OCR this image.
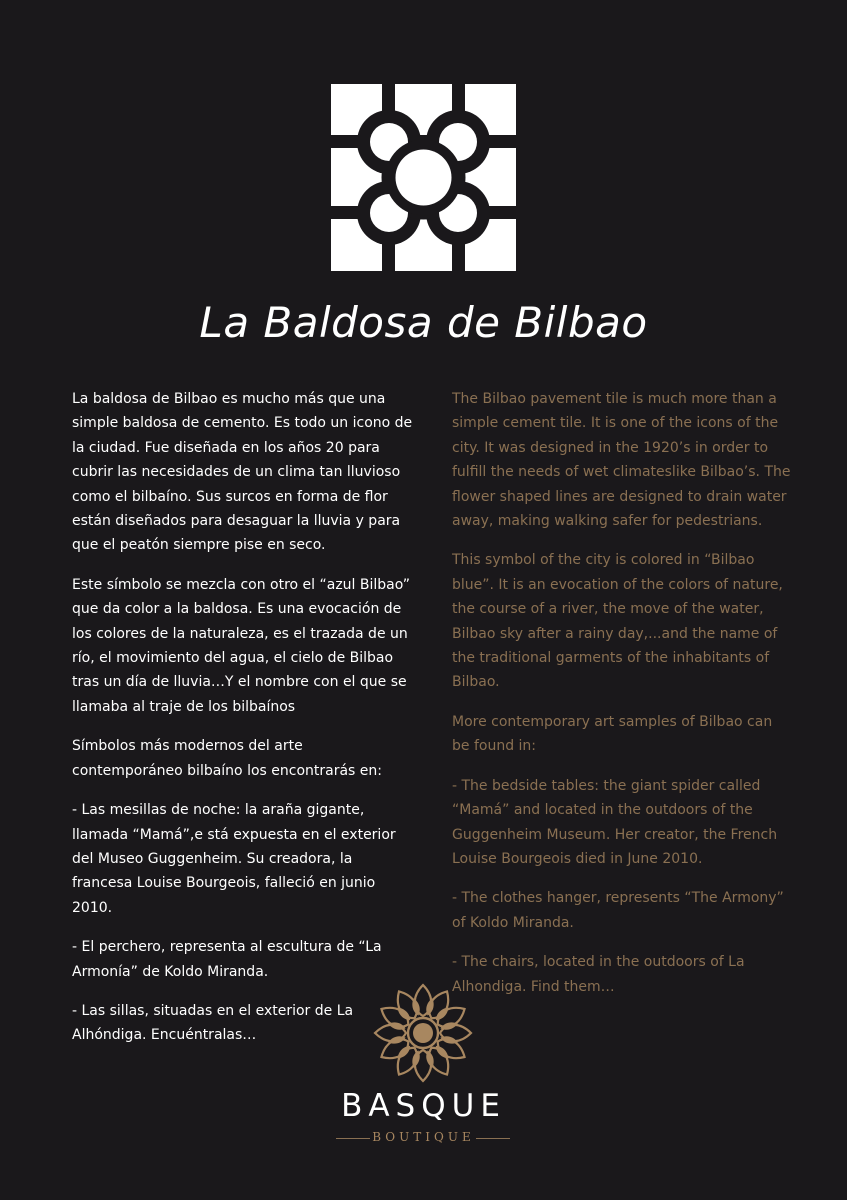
La Baldosa de Bilbao

La baldosa de Bilbao es mucho más que una simple baldosa de cemento. Es todo un icono de la ciudad. Fue diseñada en los años 20 para cubrir las necesidades de un clima tan lluvioso como el bilbaíno. Sus surcos en forma de flor están diseñados para desaguar la lluvia y para que el peatón siempre pise en seco.

Este símbolo se mezcla con otro el “azul Bilbao” que da color a la baldosa. Es una evocación de los colores de la naturaleza, es el trazada de un río, el movimiento del agua, el cielo de Bilbao tras un día de lluvia…Y el nombre con el que se llamaba al traje de los bilbaínos

Símbolos más modernos del arte contemporáneo bilbaíno los encontrarás en:

- Las mesillas de noche: la araña gigante, llamada “Mamá”,e stá expuesta en el exterior del Museo Guggenheim. Su creadora, la francesa Louise Bourgeois, falleció en junio 2010.

- El perchero, representa al escultura de “La Armonía” de Koldo Miranda.

- Las sillas, situadas en el exterior de La Alhóndiga. Encuéntralas…

The Bilbao pavement tile is much more than a simple cement tile. It is one of the icons of the city. It was designed in the 1920’s in order to fulfill the needs of wet climateslike Bilbao’s. The flower shaped lines are designed to drain water away, making walking safer for pedestrians.

This symbol of the city is colored in “Bilbao blue”. It is an evocation of the colors of nature, the course of a river, the move of the water, Bilbao sky after a rainy day,...and the name of the traditional garments of the inhabitants of Bilbao.

More contemporary art samples of Bilbao can be found in:

- The bedside tables: the giant spider called “Mamá” and located in the outdoors of the Guggenheim Museum. Her creator, the French Louise Bourgeois died in June 2010.

- The clothes hanger, represents “The Armony” of Koldo Miranda.

- The chairs, located in the outdoors of La Alhondiga. Find them…

BASQUE
BOUTIQUE
